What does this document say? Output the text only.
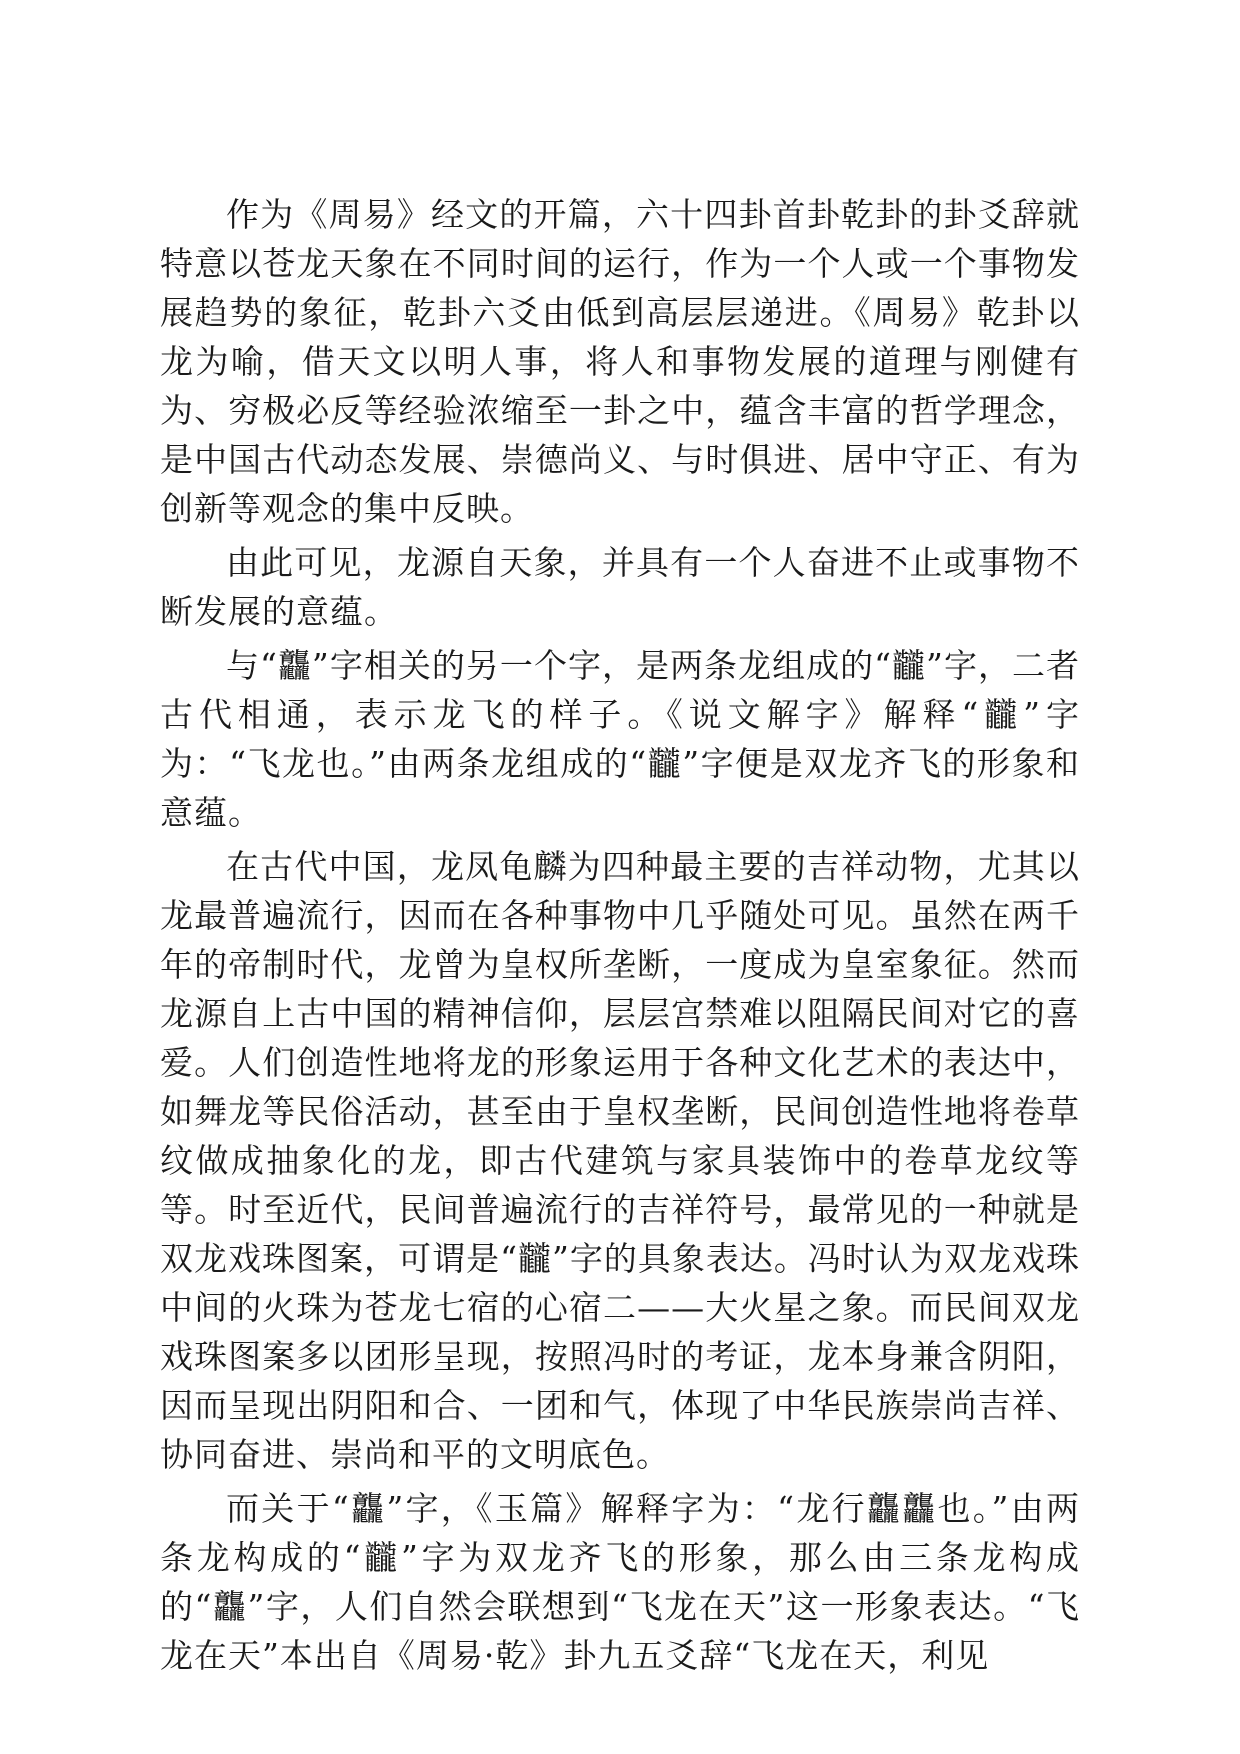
作为《周易》经文的开篇，六十四卦首卦乾卦的卦爻辞就特意以苍龙天象在不同时间的运行，作为一个人或一个事物发展趋势的象征，乾卦六爻由低到高层层递进。《周易》乾卦以龙为喻，借天文以明人事，将人和事物发展的道理与刚健有为、穷极必反等经验浓缩至一卦之中，蕴含丰富的哲学理念，是中国古代动态发展、崇德尚义、与时俱进、居中守正、有为创新等观念的集中反映。

由此可见，龙源自天象，并具有一个人奋进不止或事物不断发展的意蕴。

与“龘”字相关的另一个字，是两条龙组成的“龖”字，二者古代相通，表示龙飞的样子。《说文解字》解释“龖”字为：“飞龙也。”由两条龙组成的“龖”字便是双龙齐飞的形象和意蕴。

在古代中国，龙凤龟麟为四种最主要的吉祥动物，尤其以龙最普遍流行，因而在各种事物中几乎随处可见。虽然在两千年的帝制时代，龙曾为皇权所垄断，一度成为皇室象征。然而龙源自上古中国的精神信仰，层层宫禁难以阻隔民间对它的喜爱。人们创造性地将龙的形象运用于各种文化艺术的表达中，如舞龙等民俗活动，甚至由于皇权垄断，民间创造性地将卷草纹做成抽象化的龙，即古代建筑与家具装饰中的卷草龙纹等等。时至近代，民间普遍流行的吉祥符号，最常见的一种就是双龙戏珠图案，可谓是“龖”字的具象表达。冯时认为双龙戏珠中间的火珠为苍龙七宿的心宿二——大火星之象。而民间双龙戏珠图案多以团形呈现，按照冯时的考证，龙本身兼含阴阳，因而呈现出阴阳和合、一团和气，体现了中华民族崇尚吉祥、协同奋进、崇尚和平的文明底色。

而关于“龘”字，《玉篇》解释字为：“龙行龘龘也。”由两条龙构成的“龖”字为双龙齐飞的形象，那么由三条龙构成的“龘”字，人们自然会联想到“飞龙在天”这一形象表达。“飞龙在天”本出自《周易·乾》卦九五爻辞“飞龙在天，利见
